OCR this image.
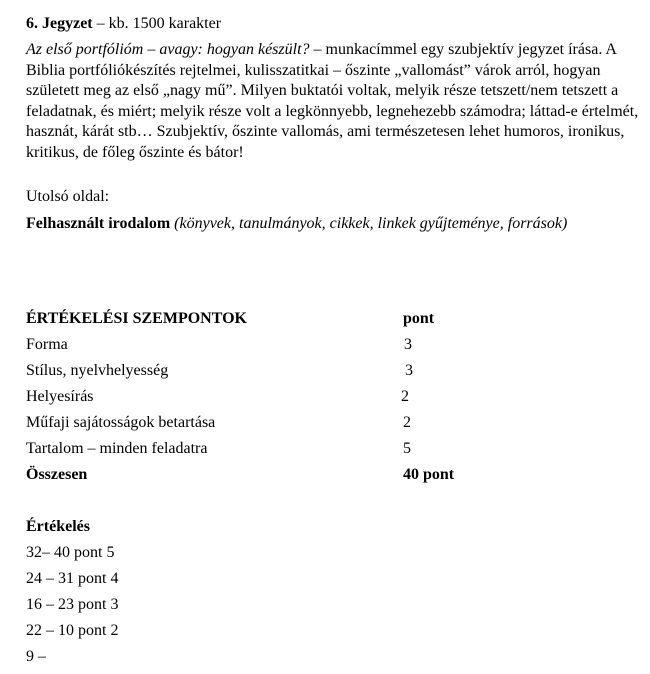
6. Jegyzet – kb. 1500 karakter
Az első portfólióm – avagy: hogyan készült? – munkacímmel egy szubjektív jegyzet írása. A
Biblia portfóliókészítés rejtelmei, kulisszatitkai – őszinte „vallomást” várok arról, hogyan
született meg az első „nagy mű”. Milyen buktatói voltak, melyik része tetszett/nem tetszett a
feladatnak, és miért; melyik része volt a legkönnyebb, legnehezebb számodra; láttad-e értelmét,
hasznát, kárát stb… Szubjektív, őszinte vallomás, ami természetesen lehet humoros, ironikus,
kritikus, de főleg őszinte és bátor!
Utolsó oldal:
Felhasznált irodalom (könyvek, tanulmányok, cikkek, linkek gyűjteménye, források)
ÉRTÉKELÉSI SZEMPONTOK	pont
Forma	3
Stílus, nyelvhelyesség	3
Helyesírás	2
Műfaji sajátosságok betartása	2
Tartalom – minden feladatra	5
Összesen	40 pont
Értékelés
32– 40 pont 5
24 – 31 pont 4
16 – 23 pont 3
22 – 10 pont 2
9 –
